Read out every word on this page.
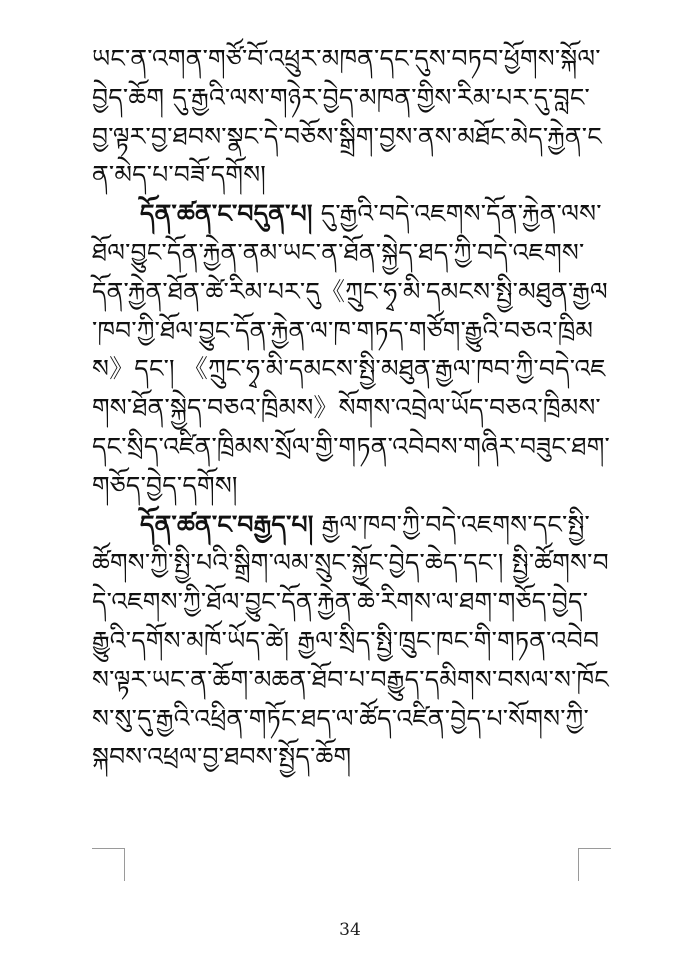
ཡང་ན་འགན་གཙོ་བོ་འཕྲུར་མཁན་དང་དུས་བཏབ་ཕྱོགས་སྐོལ་བྱེད་ཆོག དུ་རྒྱའི་ལས་གཉེར་བྱེད་མཁན་གྱིས་རིམ་པར་དུ་བླང་བྱ་ལྟར་བྱ་ཐབས་སྣང་དེ་བཅོས་སྒྲིག་བྱས་ནས་མཐོང་མེད་རྐྱེན་ངན་མེད་པ་བཟོ་དགོས།

དོན་ཚན་ང་བདུན་པ། དུ་རྒྱའི་བདེ་འཇགས་དོན་རྐྱེན་ལས་ཐོལ་བྱུང་དོན་རྐྱེན་ནམ་ཡང་ན་ཐོན་སྐྱེད་ཐད་ཀྱི་བདེ་འཇགས་དོན་རྐྱེན་ཐོན་ཚེ་རིམ་པར་དུ《ཀྲུང་ཧྭ་མི་དམངས་སྤྱི་མཐུན་རྒྱལ་ཁབ་ཀྱི་ཐོལ་བྱུང་དོན་རྐྱེན་ལ་ཁ་གཏད་གཙོག་རྒྱུའི་བཅའ་ཁྲིམས》དང་། 《ཀྲུང་ཧྭ་མི་དམངས་སྤྱི་མཐུན་རྒྱལ་ཁབ་ཀྱི་བདེ་འཇགས་ཐོན་སྐྱེད་བཅའ་ཁྲིམས》སོགས་འབྲེལ་ཡོད་བཅའ་ཁྲིམས་དང་སྲིད་འཛིན་ཁྲིམས་སྲོལ་གྱི་གཏན་འབེབས་གཞིར་བཟུང་ཐག་གཅོད་བྱེད་དགོས།

དོན་ཚན་ང་བརྒྱད་པ། རྒྱལ་ཁབ་ཀྱི་བདེ་འཇགས་དང་སྤྱི་ཚོགས་ཀྱི་སྤྱི་པའི་སྒྲིག་ལམ་སྲུང་སྐྱོང་བྱེད་ཆེད་དང་། སྤྱི་ཚོགས་བདེ་འཇགས་ཀྱི་ཐོལ་བྱུང་དོན་རྐྱེན་ཆེ་རིགས་ལ་ཐག་གཅོད་བྱེད་རྒྱུའི་དགོས་མཁོ་ཡོད་ཚེ། རྒྱལ་སྲིད་སྤྱི་ཁྲུང་ཁང་གི་གཏན་འབེབས་ལྟར་ཡང་ན་ཆོག་མཆན་ཐོབ་པ་བརྒྱུད་དམིགས་བསལ་ས་ཁོངས་སུ་དུ་རྒྱའི་འཕྲིན་གཏོང་ཐད་ལ་ཚོད་འཛིན་བྱེད་པ་སོགས་ཀྱི་སྐབས་འཕྲལ་བྱ་ཐབས་སྤྱོད་ཆོག

34
